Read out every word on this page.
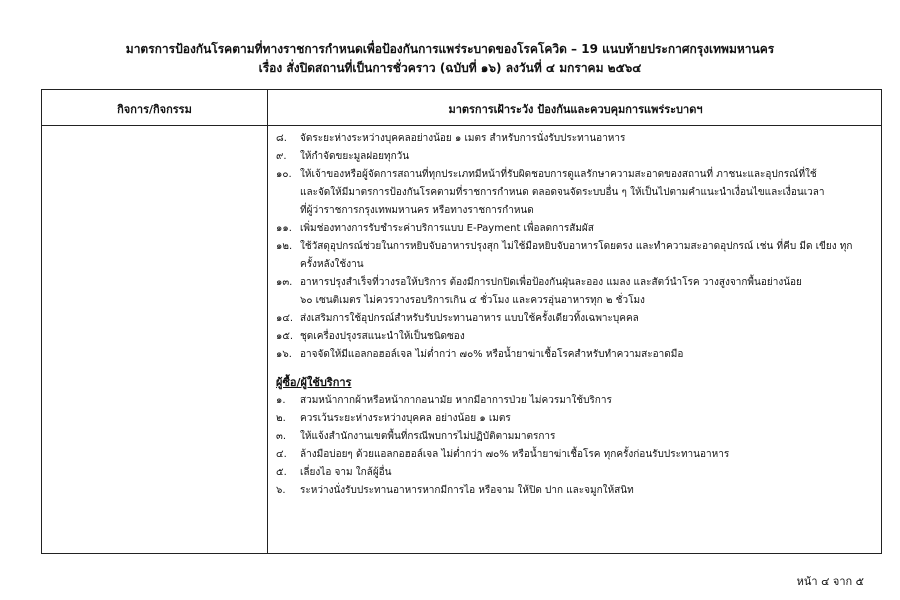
มาตรการป้องกันโรคตามที่ทางราชการกำหนดเพื่อป้องกันการแพร่ระบาดของโรคโควิด – 19 แนบท้ายประกาศกรุงเทพมหานคร
เรื่อง สั่งปิดสถานที่เป็นการชั่วคราว (ฉบับที่ ๑๖) ลงวันที่ ๔ มกราคม ๒๕๖๔
กิจการ/กิจกรรม	มาตรการเฝ้าระวัง ป้องกันและควบคุมการแพร่ระบาดฯ
๘. จัดระยะห่างระหว่างบุคคลอย่างน้อย ๑ เมตร สำหรับการนั่งรับประทานอาหาร
๙. ให้กำจัดขยะมูลฝอยทุกวัน
๑๐. ให้เจ้าของหรือผู้จัดการสถานที่ทุกประเภทมีหน้าที่รับผิดชอบการดูแลรักษาความสะอาดของสถานที่ ภาชนะและอุปกรณ์ที่ใช้
และจัดให้มีมาตรการป้องกันโรคตามที่ราชการกำหนด ตลอดจนจัดระบบอื่น ๆ ให้เป็นไปตามคำแนะนำเงื่อนไขและเงื่อนเวลา
ที่ผู้ว่าราชการกรุงเทพมหานคร หรือทางราชการกำหนด
๑๑. เพิ่มช่องทางการรับชำระค่าบริการแบบ E-Payment เพื่อลดการสัมผัส
๑๒. ใช้วัสดุอุปกรณ์ช่วยในการหยิบจับอาหารปรุงสุก ไม่ใช้มือหยิบจับอาหารโดยตรง และทำความสะอาดอุปกรณ์ เช่น ที่คีบ มีด เขียง ทุก
ครั้งหลังใช้งาน
๑๓. อาหารปรุงสำเร็จที่วางรอให้บริการ ต้องมีการปกปิดเพื่อป้องกันฝุ่นละออง แมลง และสัตว์นำโรค วางสูงจากพื้นอย่างน้อย
๖๐ เซนติเมตร ไม่ควรวางรอบริการเกิน ๔ ชั่วโมง และควรอุ่นอาหารทุก ๒ ชั่วโมง
๑๔. ส่งเสริมการใช้อุปกรณ์สำหรับรับประทานอาหาร แบบใช้ครั้งเดียวทิ้งเฉพาะบุคคล
๑๕. ชุดเครื่องปรุงรสแนะนำให้เป็นชนิดซอง
๑๖. อาจจัดให้มีแอลกอฮอล์เจล ไม่ต่ำกว่า ๗๐% หรือน้ำยาฆ่าเชื้อโรคสำหรับทำความสะอาดมือ
ผู้ซื้อ/ผู้ใช้บริการ
๑. สวมหน้ากากผ้าหรือหน้ากากอนามัย หากมีอาการป่วย ไม่ควรมาใช้บริการ
๒. ควรเว้นระยะห่างระหว่างบุคคล อย่างน้อย ๑ เมตร
๓. ให้แจ้งสำนักงานเขตพื้นที่กรณีพบการไม่ปฏิบัติตามมาตรการ
๔. ล้างมือบ่อยๆ ด้วยแอลกอฮอล์เจล ไม่ต่ำกว่า ๗๐% หรือน้ำยาฆ่าเชื้อโรค ทุกครั้งก่อนรับประทานอาหาร
๕. เลี่ยงไอ จาม ใกล้ผู้อื่น
๖. ระหว่างนั่งรับประทานอาหารหากมีการไอ หรือจาม ให้ปิด ปาก และจมูกให้สนิท
หน้า ๔ จาก ๕
